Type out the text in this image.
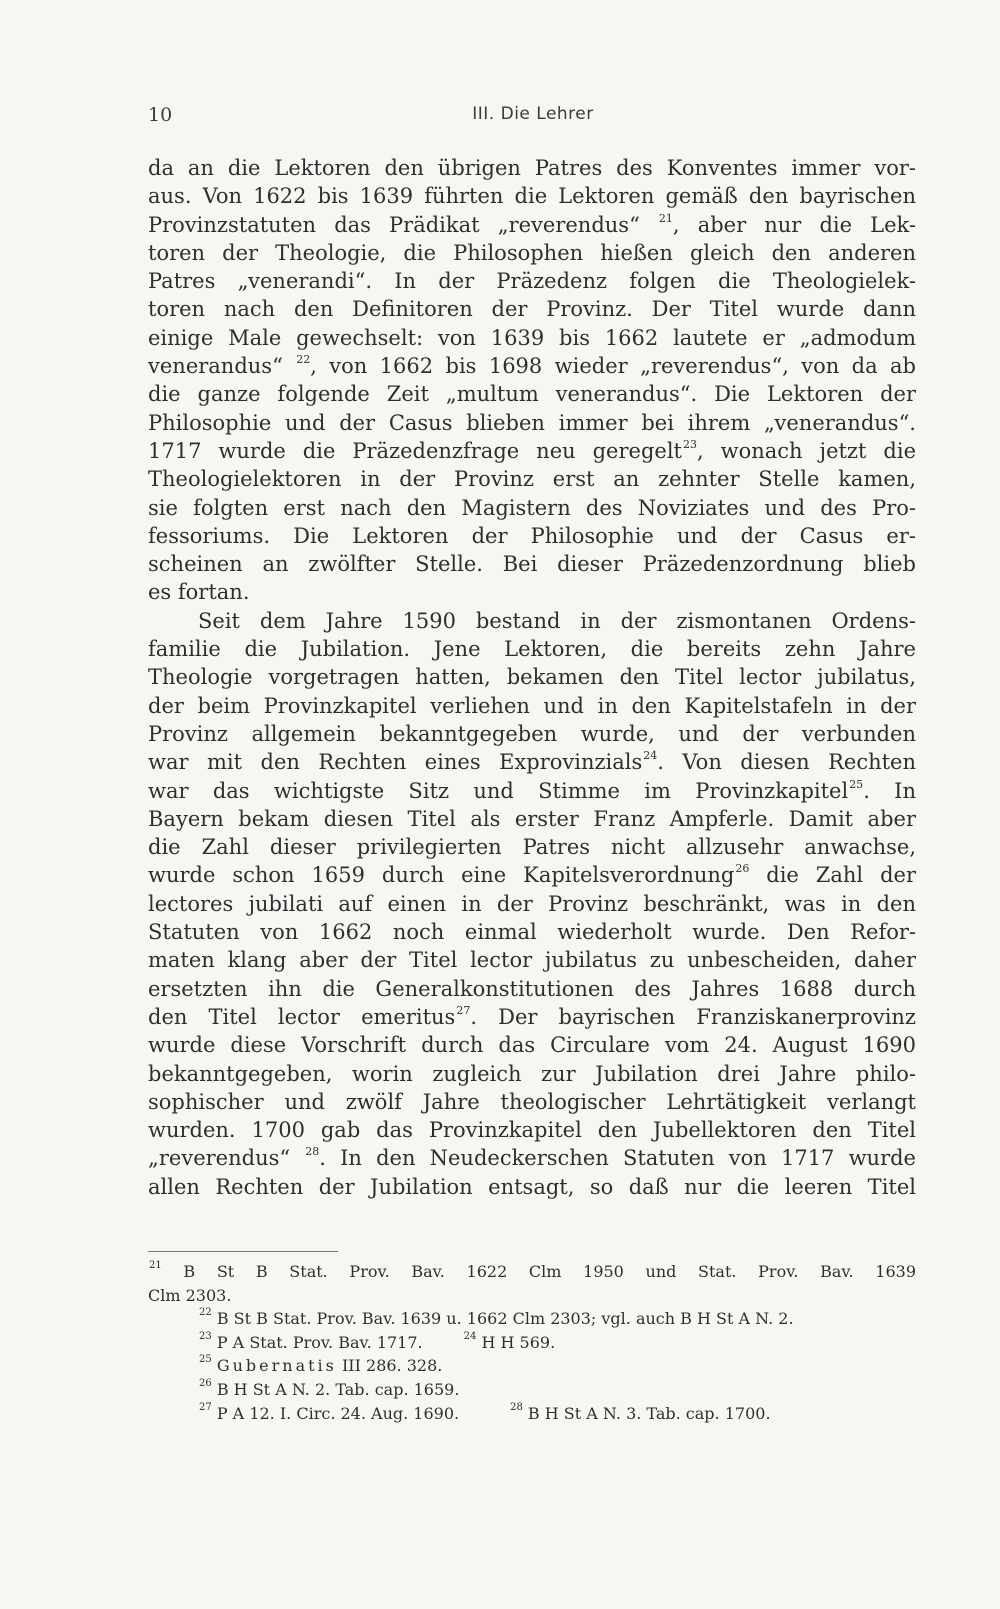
10	III. Die Lehrer
da an die Lektoren den übrigen Patres des Konventes immer vor-
aus. Von 1622 bis 1639 führten die Lektoren gemäß den bayrischen
Provinzstatuten das Prädikat „reverendus“ $^{21}$, aber nur die Lek-
toren der Theologie, die Philosophen hießen gleich den anderen
Patres „venerandi“. In der Präzedenz folgen die Theologielek-
toren nach den Definitoren der Provinz. Der Titel wurde dann
einige Male gewechselt: von 1639 bis 1662 lautete er „admodum
venerandus“ $^{22}$, von 1662 bis 1698 wieder „reverendus“, von da ab
die ganze folgende Zeit „multum venerandus“. Die Lektoren der
Philosophie und der Casus blieben immer bei ihrem „venerandus“.
1717 wurde die Präzedenzfrage neu geregelt$^{23}$, wonach jetzt die
Theologielektoren in der Provinz erst an zehnter Stelle kamen,
sie folgten erst nach den Magistern des Noviziates und des Pro-
fessoriums. Die Lektoren der Philosophie und der Casus er-
scheinen an zwölfter Stelle. Bei dieser Präzedenzordnung blieb
es fortan.
Seit dem Jahre 1590 bestand in der zismontanen Ordens-
familie die Jubilation. Jene Lektoren, die bereits zehn Jahre
Theologie vorgetragen hatten, bekamen den Titel lector jubilatus,
der beim Provinzkapitel verliehen und in den Kapitelstafeln in der
Provinz allgemein bekanntgegeben wurde, und der verbunden
war mit den Rechten eines Exprovinzials$^{24}$. Von diesen Rechten
war das wichtigste Sitz und Stimme im Provinzkapitel$^{25}$. In
Bayern bekam diesen Titel als erster Franz Ampferle. Damit aber
die Zahl dieser privilegierten Patres nicht allzusehr anwachse,
wurde schon 1659 durch eine Kapitelsverordnung$^{26}$ die Zahl der
lectores jubilati auf einen in der Provinz beschränkt, was in den
Statuten von 1662 noch einmal wiederholt wurde. Den Refor-
maten klang aber der Titel lector jubilatus zu unbescheiden, daher
ersetzten ihn die Generalkonstitutionen des Jahres 1688 durch
den Titel lector emeritus$^{27}$. Der bayrischen Franziskanerprovinz
wurde diese Vorschrift durch das Circulare vom 24. August 1690
bekanntgegeben, worin zugleich zur Jubilation drei Jahre philo-
sophischer und zwölf Jahre theologischer Lehrtätigkeit verlangt
wurden. 1700 gab das Provinzkapitel den Jubellektoren den Titel
„reverendus“ $^{28}$. In den Neudeckerschen Statuten von 1717 wurde
allen Rechten der Jubilation entsagt, so daß nur die leeren Titel
$^{21}$ B St B Stat. Prov. Bav. 1622 Clm 1950 und Stat. Prov. Bav. 1639
Clm 2303.
$^{22}$ B St B Stat. Prov. Bav. 1639 u. 1662 Clm 2303; vgl. auch B H St A N. 2.
$^{23}$ P A Stat. Prov. Bav. 1717.	$^{24}$ H H 569.
$^{25}$ Gubernatis III 286. 328.
$^{26}$ B H St A N. 2. Tab. cap. 1659.
$^{27}$ P A 12. I. Circ. 24. Aug. 1690.	$^{28}$ B H St A N. 3. Tab. cap. 1700.
